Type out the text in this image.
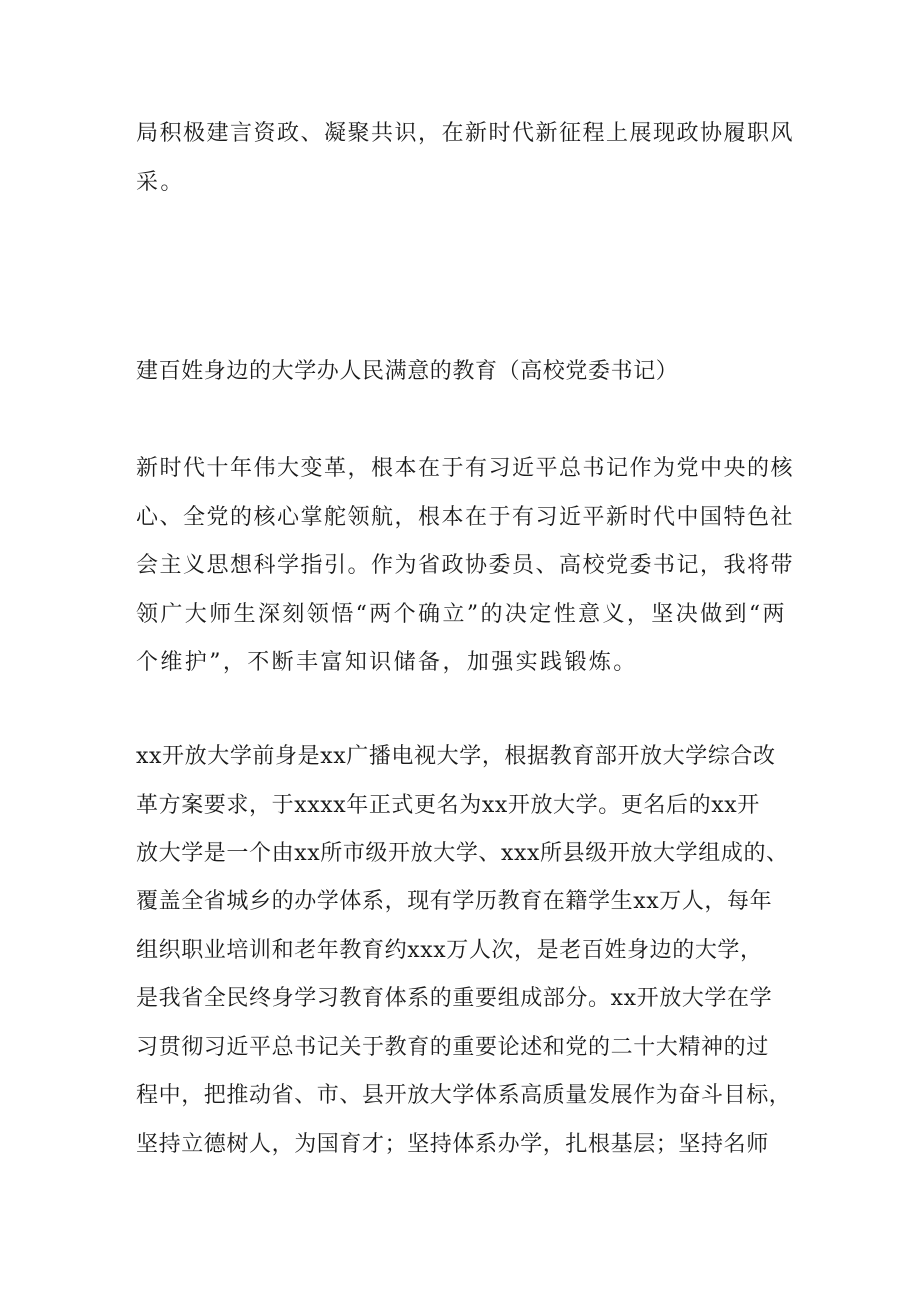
局积极建言资政、凝聚共识，在新时代新征程上展现政协履职风
采。
建百姓身边的大学办人民满意的教育（高校党委书记）
新时代十年伟大变革，根本在于有习近平总书记作为党中央的核
心、全党的核心掌舵领航，根本在于有习近平新时代中国特色社
会主义思想科学指引。作为省政协委员、高校党委书记，我将带
领广大师生深刻领悟“两个确立”的决定性意义，坚决做到“两
个维护”，不断丰富知识储备，加强实践锻炼。
xx开放大学前身是xx广播电视大学，根据教育部开放大学综合改
革方案要求，于xxxx年正式更名为xx开放大学。更名后的xx开
放大学是一个由xx所市级开放大学、xxx所县级开放大学组成的、
覆盖全省城乡的办学体系，现有学历教育在籍学生xx万人，每年
组织职业培训和老年教育约xxx万人次，是老百姓身边的大学，
是我省全民终身学习教育体系的重要组成部分。xx开放大学在学
习贯彻习近平总书记关于教育的重要论述和党的二十大精神的过
程中，把推动省、市、县开放大学体系高质量发展作为奋斗目标，
坚持立德树人，为国育才；坚持体系办学，扎根基层；坚持名师
